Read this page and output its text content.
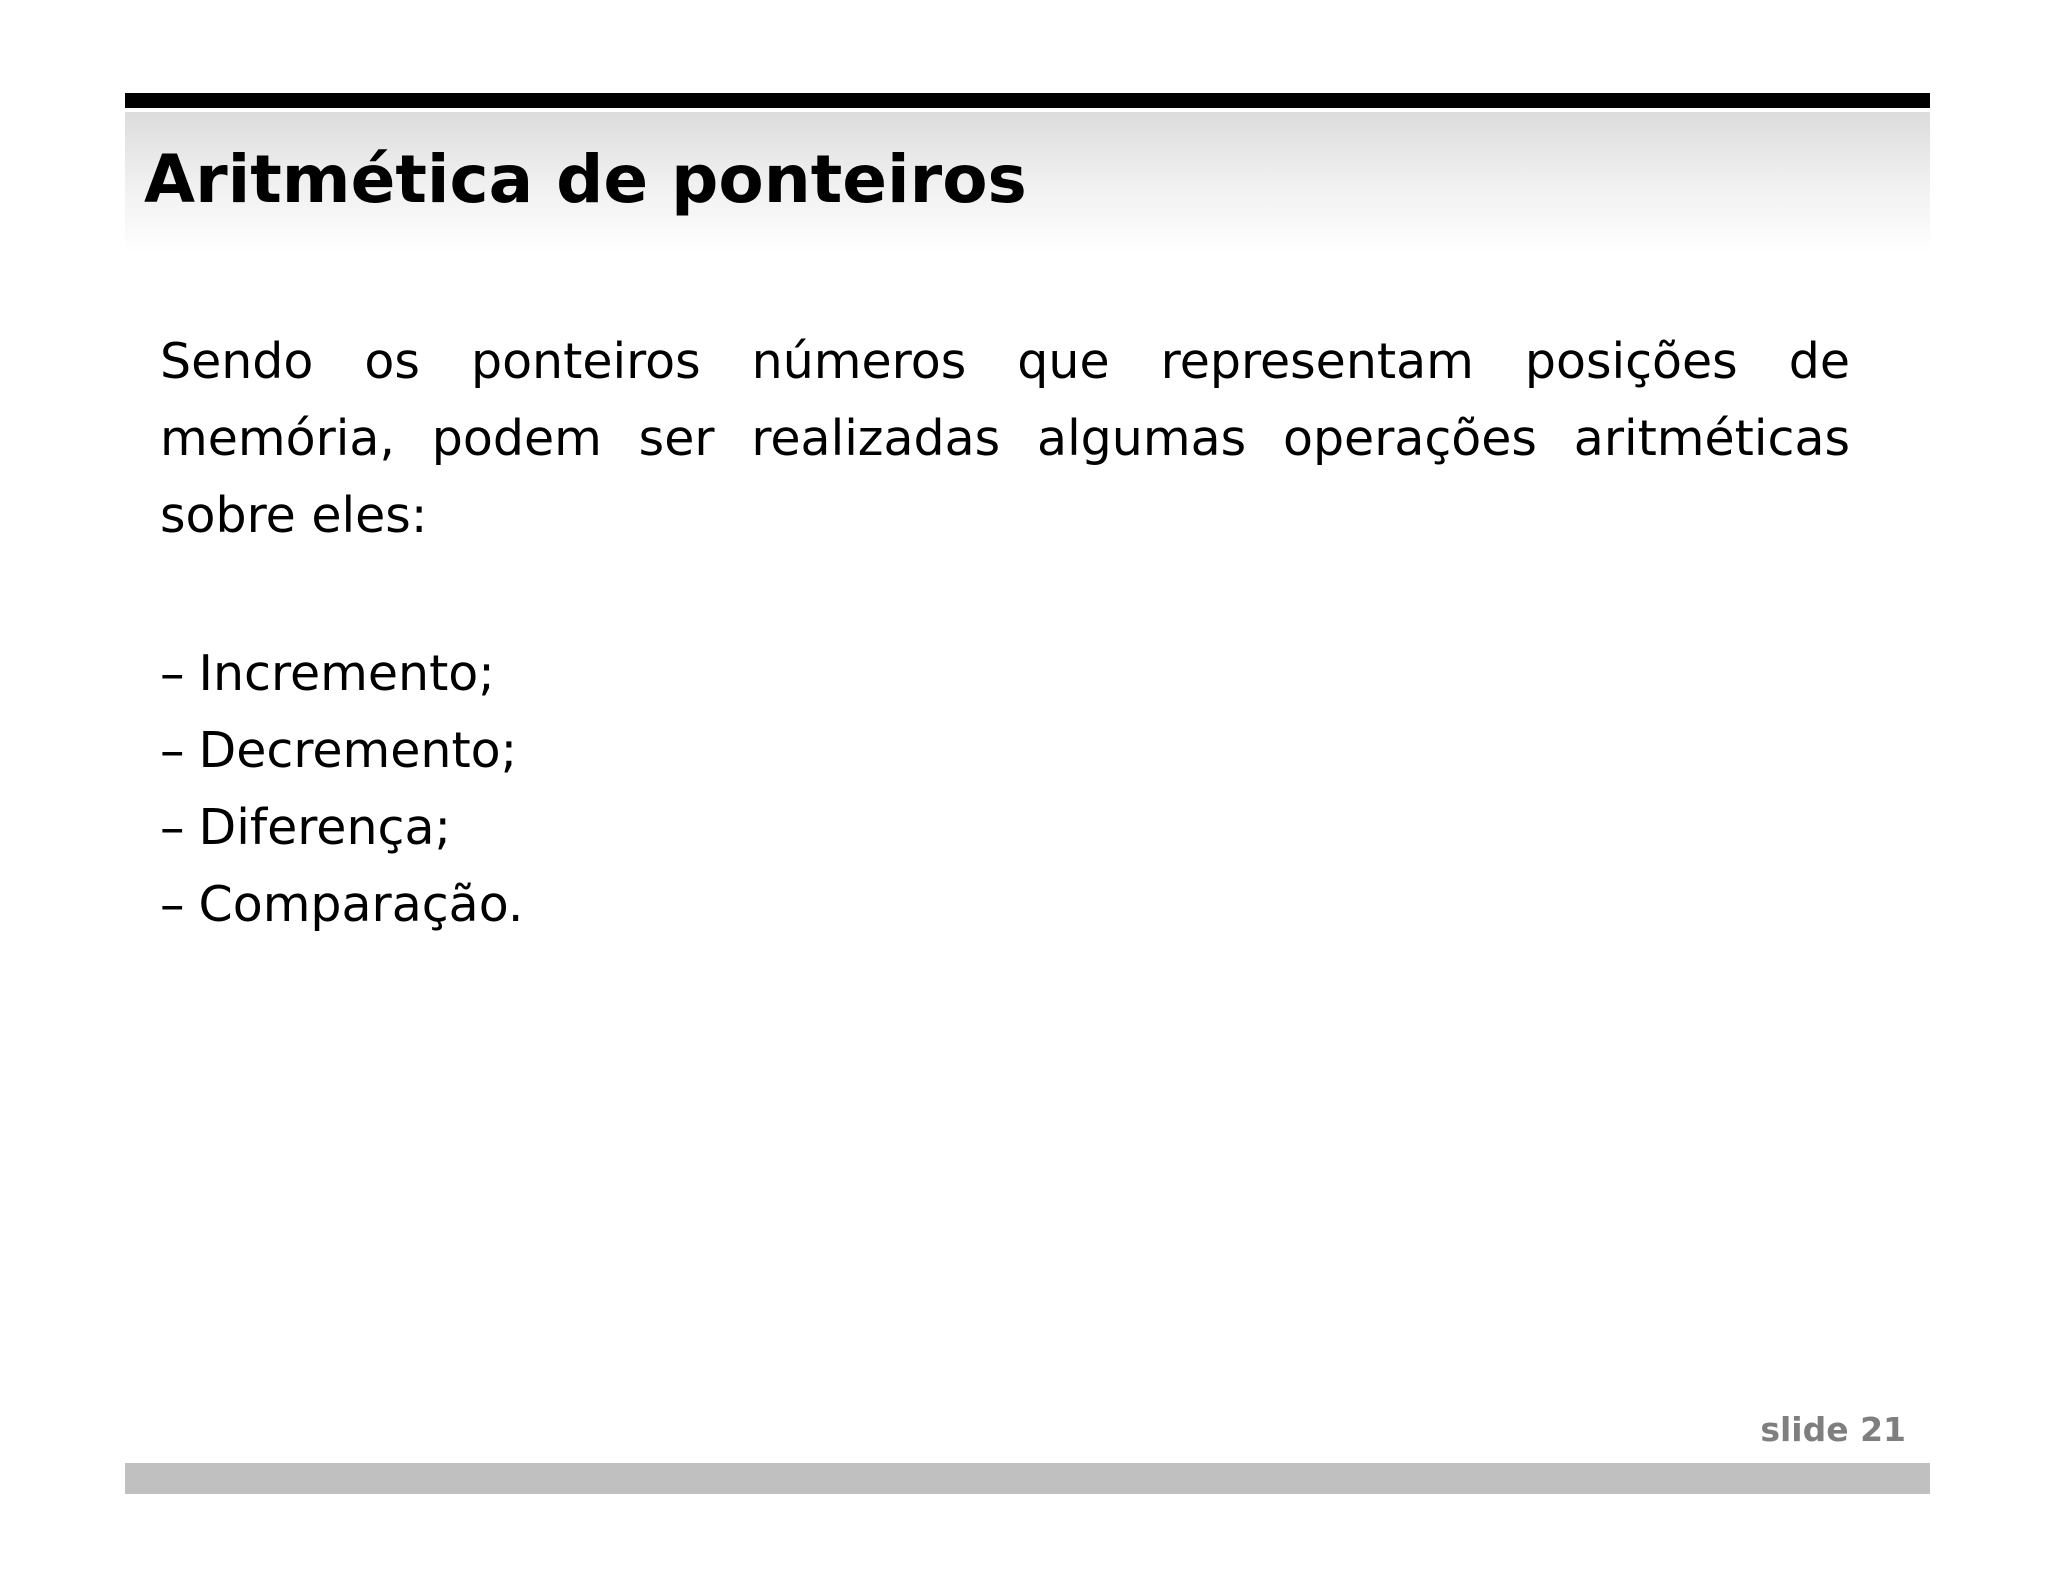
Aritmética de ponteiros

Sendo os ponteiros números que representam posições de memória, podem ser realizadas algumas operações aritméticas sobre eles:

– Incremento;
– Decremento;
– Diferença;
– Comparação.
slide 21
